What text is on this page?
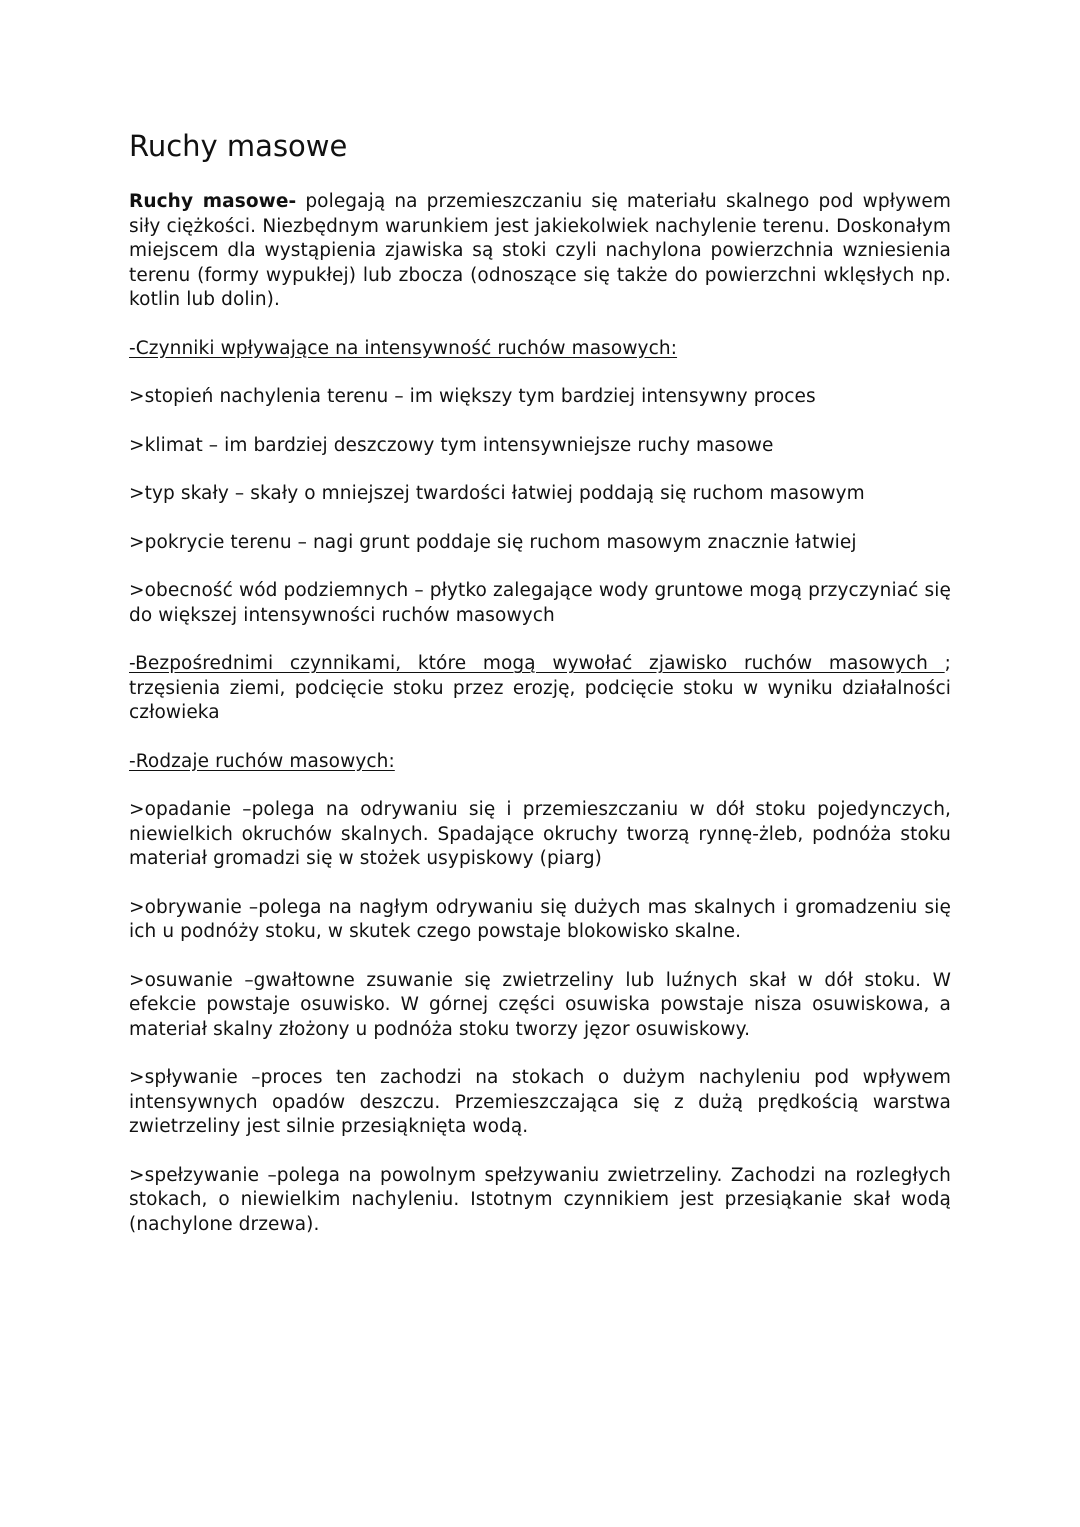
Ruchy masowe

Ruchy masowe- polegają na przemieszczaniu się materiału skalnego pod wpływem siły ciężkości. Niezbędnym warunkiem jest jakiekolwiek nachylenie terenu. Doskonałym miejscem dla wystąpienia zjawiska są stoki czyli nachylona powierzchnia wzniesienia terenu (formy wypukłej) lub zbocza (odnoszące się także do powierzchni wklęsłych np. kotlin lub dolin).

-Czynniki wpływające na intensywność ruchów masowych:

>stopień nachylenia terenu – im większy tym bardziej intensywny proces

>klimat – im bardziej deszczowy tym intensywniejsze ruchy masowe

>typ skały – skały o mniejszej twardości łatwiej poddają się ruchom masowym

>pokrycie terenu – nagi grunt poddaje się ruchom masowym znacznie łatwiej

>obecność wód podziemnych – płytko zalegające wody gruntowe mogą przyczyniać się do większej intensywności ruchów masowych

-Bezpośrednimi czynnikami, które mogą wywołać zjawisko ruchów masowych ; trzęsienia ziemi, podcięcie stoku przez erozję, podcięcie stoku w wyniku działalności człowieka

-Rodzaje ruchów masowych:

>opadanie –polega na odrywaniu się i przemieszczaniu w dół stoku pojedynczych, niewielkich okruchów skalnych. Spadające okruchy tworzą rynnę-żleb, podnóża stoku materiał gromadzi się w stożek usypiskowy (piarg)

>obrywanie –polega na nagłym odrywaniu się dużych mas skalnych i gromadzeniu się ich u podnóży stoku, w skutek czego powstaje blokowisko skalne.

>osuwanie –gwałtowne zsuwanie się zwietrzeliny lub luźnych skał w dół stoku. W efekcie powstaje osuwisko. W górnej części osuwiska powstaje nisza osuwiskowa, a materiał skalny złożony u podnóża stoku tworzy jęzor osuwiskowy.

>spływanie –proces ten zachodzi na stokach o dużym nachyleniu pod wpływem intensywnych opadów deszczu. Przemieszczająca się z dużą prędkością warstwa zwietrzeliny jest silnie przesiąknięta wodą.

>spełzywanie –polega na powolnym spełzywaniu zwietrzeliny. Zachodzi na rozległych stokach, o niewielkim nachyleniu. Istotnym czynnikiem jest przesiąkanie skał wodą (nachylone drzewa).
